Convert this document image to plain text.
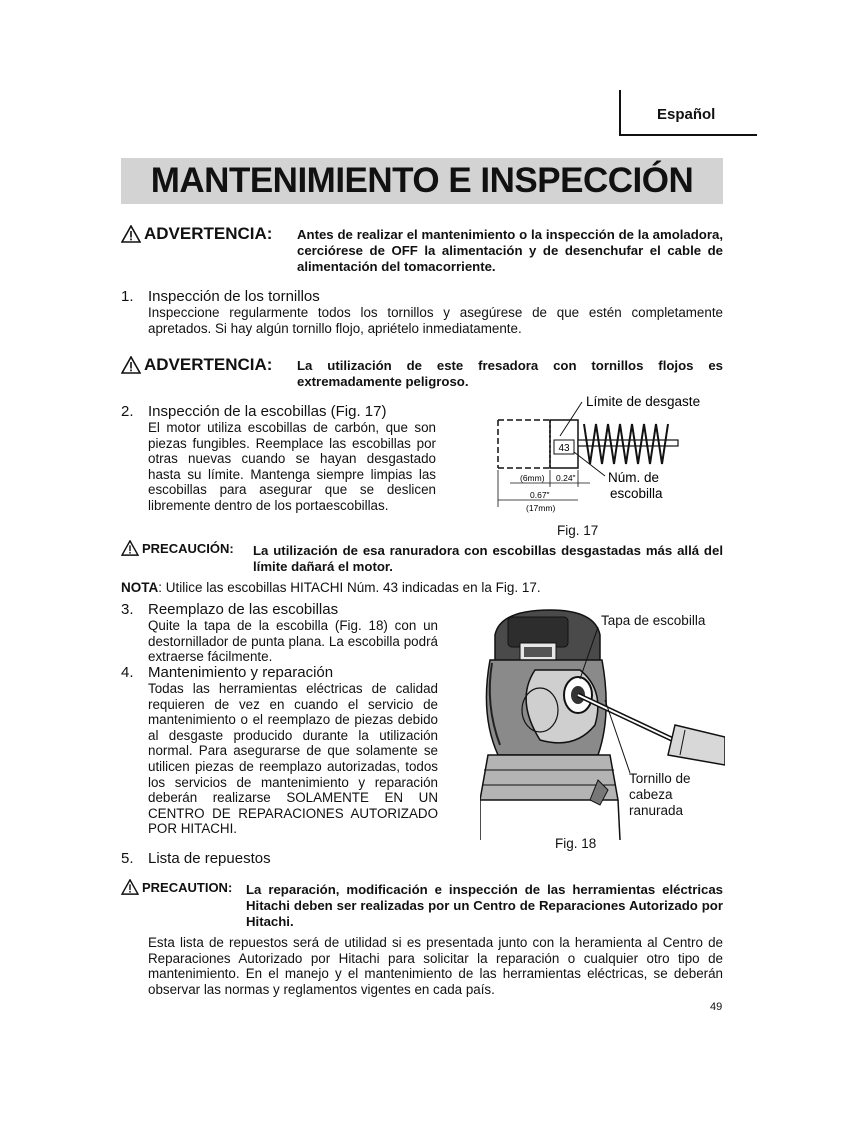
Español
MANTENIMIENTO E INSPECCIÓN
ADVERTENCIA: Antes de realizar el mantenimiento o la inspección de la amoladora, cerciórese de OFF la alimentación y de desenchufar el cable de alimentación del tomacorriente.
1. Inspección de los tornillos
Inspeccione regularmente todos los tornillos y asegúrese de que estén completamente apretados. Si hay algún tornillo flojo, apriételo inmediatamente.
ADVERTENCIA: La utilización de este fresadora con tornillos flojos es extremadamente peligroso.
2. Inspección de la escobillas (Fig. 17)
El motor utiliza escobillas de carbón, que son piezas fungibles. Reemplace las escobillas por otras nuevas cuando se hayan desgastado hasta su límite. Mantenga siempre limpias las escobillas para asegurar que se deslicen libremente dentro de los portaescobillas.
43
Límite de desgaste
Núm. de
escobilla
(6mm) 0.24"
0.67"
(17mm)
Fig. 17
PRECAUCIÓN: La utilización de esa ranuradora con escobillas desgastadas más allá del límite dañará el motor.
NOTA: Utilice las escobillas HITACHI Núm. 43 indicadas en la Fig. 17.
3. Reemplazo de las escobillas
Quite la tapa de la escobilla (Fig. 18) con un destornillador de punta plana. La escobilla podrá extraerse fácilmente.
4. Mantenimiento y reparación
Todas las herramientas eléctricas de calidad requieren de vez en cuando el servicio de mantenimiento o el reemplazo de piezas debido al desgaste producido durante la utilización normal. Para asegurarse de que solamente se utilicen piezas de reemplazo autorizadas, todos los servicios de mantenimiento y reparación deberán realizarse SOLAMENTE EN UN CENTRO DE REPARACIONES AUTORIZADO POR HITACHI.
5. Lista de repuestos
Tapa de escobilla
Tornillo de
cabeza
ranurada
Fig. 18
PRECAUTION: La reparación, modificación e inspección de las herramientas eléctricas Hitachi deben ser realizadas por un Centro de Reparaciones Autorizado por Hitachi.
Esta lista de repuestos será de utilidad si es presentada junto con la heramienta al Centro de Reparaciones Autorizado por Hitachi para solicitar la reparación o cualquier otro tipo de mantenimiento. En el manejo y el mantenimiento de las herramientas eléctricas, se deberán observar las normas y reglamentos vigentes en cada país.
49
